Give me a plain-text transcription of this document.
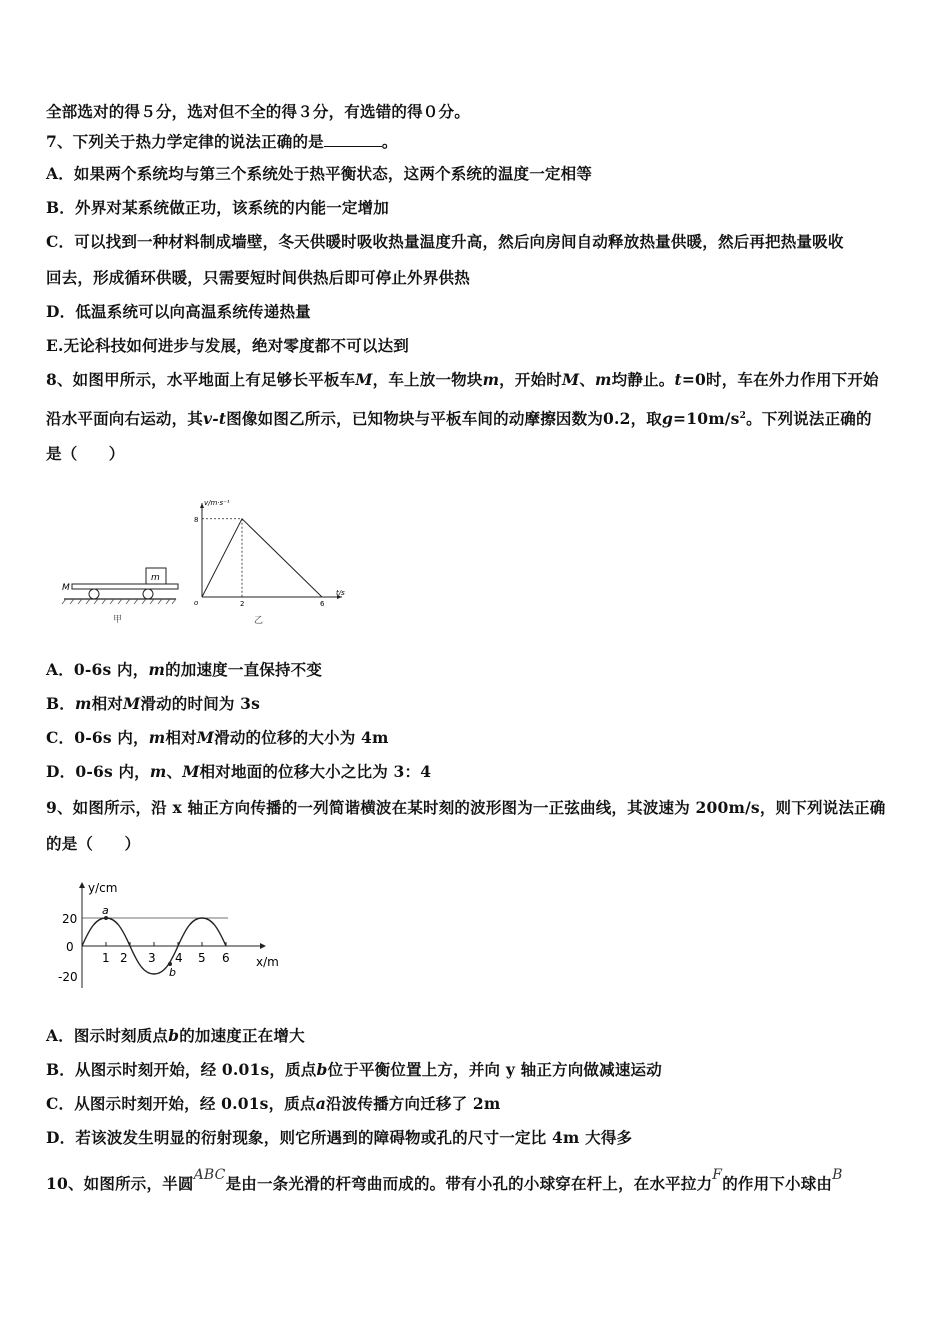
全部选对的得５分，选对但不全的得３分，有选错的得０分。
7、下列关于热力学定律的说法正确的是	。
A．如果两个系统均与第三个系统处于热平衡状态，这两个系统的温度一定相等
B．外界对某系统做正功，该系统的内能一定增加
C．可以找到一种材料制成墙壁，冬天供暖时吸收热量温度升高，然后向房间自动释放热量供暖，然后再把热量吸收
回去，形成循环供暖，只需要短时间供热后即可停止外界供热
D．低温系统可以向高温系统传递热量
E.无论科技如何进步与发展，绝对零度都不可以达到
8、如图甲所示，水平地面上有足够长平板车M，车上放一物块m，开始时M、m均静止。t=0时，车在外力作用下开始
沿水平面向右运动，其v-t图像如图乙所示，已知物块与平板车间的动摩擦因数为0.2，取$g=10m/s^2$。下列说法正确的
是（　　）
m
M
甲
v/m·s⁻¹
t/s
o
8
2	6
乙
A．0-6s 内，m的加速度一直保持不变
B．m相对M滑动的时间为 3s
C．0-6s 内，m相对M滑动的位移的大小为 4m
D．0-6s 内，m、M相对地面的位移大小之比为 3：4
9、如图所示，沿 x 轴正方向传播的一列简谐横波在某时刻的波形图为一正弦曲线，其波速为 200m/s，则下列说法正确
的是（　　）
y/cm
x/m
20
0
-20
a
b
1 2 3 4 5 6
A．图示时刻质点b的加速度正在增大
B．从图示时刻开始，经 0.01s，质点b位于平衡位置上方，并向 y 轴正方向做减速运动
C．从图示时刻开始，经 0.01s，质点a沿波传播方向迁移了 2m
D．若该波发生明显的衍射现象，则它所遇到的障碍物或孔的尺寸一定比 4m 大得多
10、如图所示，半圆ABC是由一条光滑的杆弯曲而成的。带有小孔的小球穿在杆上，在水平拉力F的作用下小球由B
